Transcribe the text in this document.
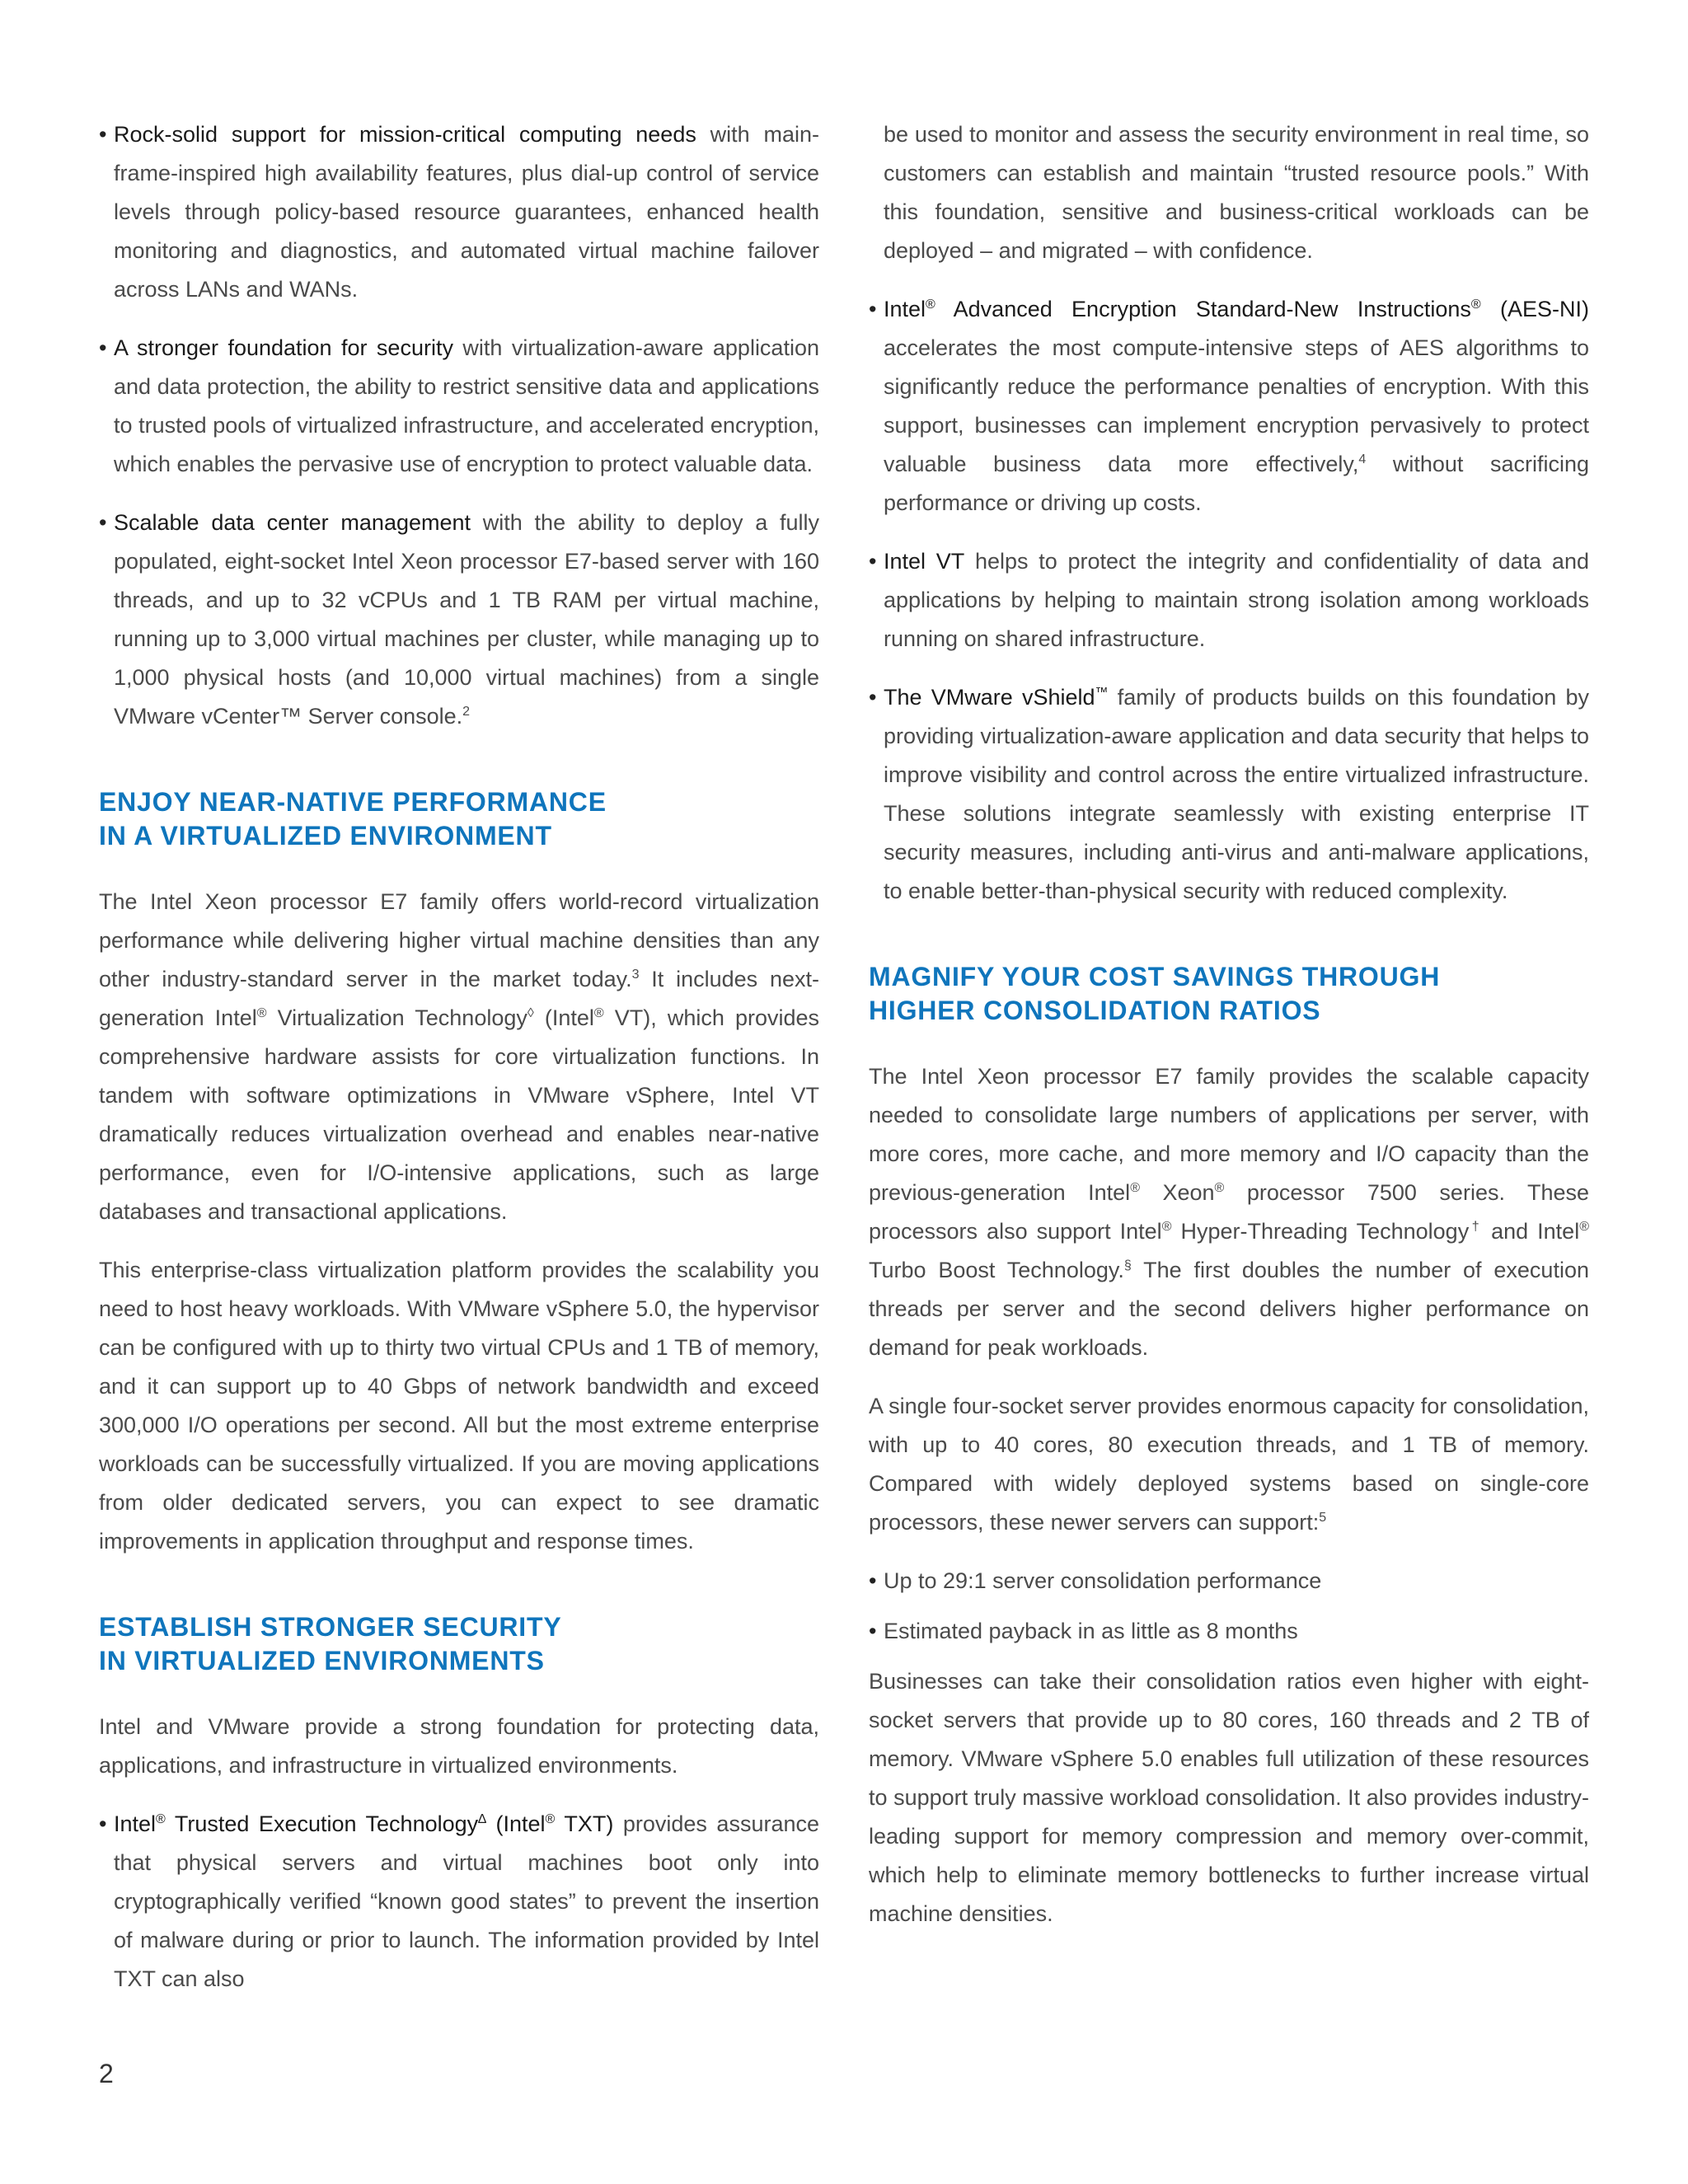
• Rock-solid support for mission-critical computing needs with main-frame-inspired high availability features, plus dial-up control of service levels through policy-based resource guarantees, enhanced health monitoring and diagnostics, and automated virtual machine failover across LANs and WANs.

• A stronger foundation for security with virtualization-aware application and data protection, the ability to restrict sensitive data and applications to trusted pools of virtualized infrastructure, and accelerated encryption, which enables the pervasive use of encryption to protect valuable data.

• Scalable data center management with the ability to deploy a fully populated, eight-socket Intel Xeon processor E7-based server with 160 threads, and up to 32 vCPUs and 1 TB RAM per virtual machine, running up to 3,000 virtual machines per cluster, while managing up to 1,000 physical hosts (and 10,000 virtual machines) from a single VMware vCenter™ Server console.$^2$

ENJOY NEAR-NATIVE PERFORMANCE
IN A VIRTUALIZED ENVIRONMENT

The Intel Xeon processor E7 family offers world-record virtualization performance while delivering higher virtual machine densities than any other industry-standard server in the market today.$^3$ It includes next-generation Intel® Virtualization Technology◊ (Intel® VT), which provides comprehensive hardware assists for core virtualization functions. In tandem with software optimizations in VMware vSphere, Intel VT dramatically reduces virtualization overhead and enables near-native performance, even for I/O-intensive applications, such as large databases and transactional applications.

This enterprise-class virtualization platform provides the scalability you need to host heavy workloads. With VMware vSphere 5.0, the hypervisor can be configured with up to thirty two virtual CPUs and 1 TB of memory, and it can support up to 40 Gbps of network bandwidth and exceed 300,000 I/O operations per second. All but the most extreme enterprise workloads can be successfully virtualized. If you are moving applications from older dedicated servers, you can expect to see dramatic improvements in application throughput and response times.

ESTABLISH STRONGER SECURITY
IN VIRTUALIZED ENVIRONMENTS

Intel and VMware provide a strong foundation for protecting data, applications, and infrastructure in virtualized environments.

• Intel® Trusted Execution Technology∆ (Intel® TXT) provides assurance that physical servers and virtual machines boot only into cryptographically verified “known good states” to prevent the insertion of malware during or prior to launch. The information provided by Intel TXT can also

be used to monitor and assess the security environment in real time, so customers can establish and maintain “trusted resource pools.” With this foundation, sensitive and business-critical workloads can be deployed – and migrated – with confidence.

• Intel® Advanced Encryption Standard-New Instructions® (AES-NI) accelerates the most compute-intensive steps of AES algorithms to significantly reduce the performance penalties of encryption. With this support, businesses can implement encryption pervasively to protect valuable business data more effectively,$^4$ without sacrificing performance or driving up costs.

• Intel VT helps to protect the integrity and confidentiality of data and applications by helping to maintain strong isolation among workloads running on shared infrastructure.

• The VMware vShield™ family of products builds on this foundation by providing virtualization-aware application and data security that helps to improve visibility and control across the entire virtualized infrastructure. These solutions integrate seamlessly with existing enterprise IT security measures, including anti-virus and anti-malware applications, to enable better-than-physical security with reduced complexity.

MAGNIFY YOUR COST SAVINGS THROUGH
HIGHER CONSOLIDATION RATIOS

The Intel Xeon processor E7 family provides the scalable capacity needed to consolidate large numbers of applications per server, with more cores, more cache, and more memory and I/O capacity than the previous-generation Intel® Xeon® processor 7500 series. These processors also support Intel® Hyper-Threading Technology† and Intel® Turbo Boost Technology.§ The first doubles the number of execution threads per server and the second delivers higher performance on demand for peak workloads.

A single four-socket server provides enormous capacity for consolidation, with up to 40 cores, 80 execution threads, and 1 TB of memory. Compared with widely deployed systems based on single-core processors, these newer servers can support:$^5$

• Up to 29:1 server consolidation performance

• Estimated payback in as little as 8 months

Businesses can take their consolidation ratios even higher with eight-socket servers that provide up to 80 cores, 160 threads and 2 TB of memory. VMware vSphere 5.0 enables full utilization of these resources to support truly massive workload consolidation. It also provides industry-leading support for memory compression and memory over-commit, which help to eliminate memory bottlenecks to further increase virtual machine densities.

2
